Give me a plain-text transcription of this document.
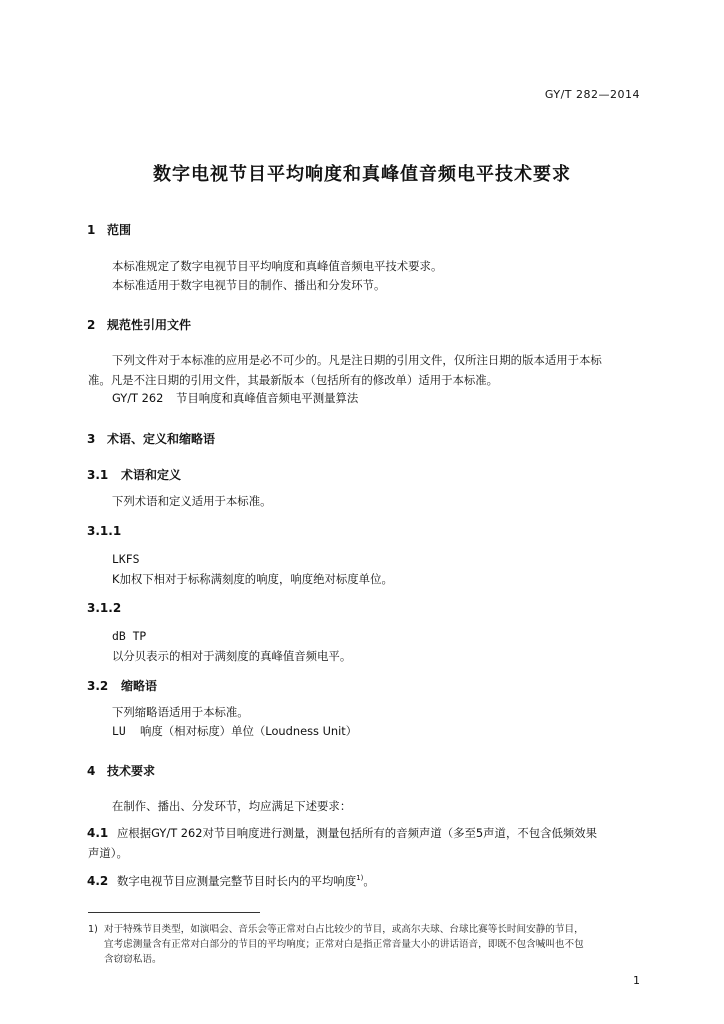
GY/T 282—2014
数字电视节目平均响度和真峰值音频电平技术要求
1 范围
本标准规定了数字电视节目平均响度和真峰值音频电平技术要求。
本标准适用于数字电视节目的制作、播出和分发环节。
2 规范性引用文件
下列文件对于本标准的应用是必不可少的。凡是注日期的引用文件，仅所注日期的版本适用于本标
准。凡是不注日期的引用文件，其最新版本（包括所有的修改单）适用于本标准。
GY/T 262 节目响度和真峰值音频电平测量算法
3 术语、定义和缩略语
3.1 术语和定义
下列术语和定义适用于本标准。
3.1.1
LKFS
K加权下相对于标称满刻度的响度，响度绝对标度单位。
3.1.2
dB TP
以分贝表示的相对于满刻度的真峰值音频电平。
3.2 缩略语
下列缩略语适用于本标准。
LU 响度（相对标度）单位（Loudness Unit）
4 技术要求
在制作、播出、分发环节，均应满足下述要求：
4.1 应根据GY/T 262对节目响度进行测量，测量包括所有的音频声道（多至5声道，不包含低频效果
声道）。
4.2 数字电视节目应测量完整节目时长内的平均响度$^{1)}$。
1) 对于特殊节目类型，如演唱会、音乐会等正常对白占比较少的节目，或高尔夫球、台球比赛等长时间安静的节目，
宜考虑测量含有正常对白部分的节目的平均响度；正常对白是指正常音量大小的讲话语音，即既不包含喊叫也不包
含窃窃私语。
1
